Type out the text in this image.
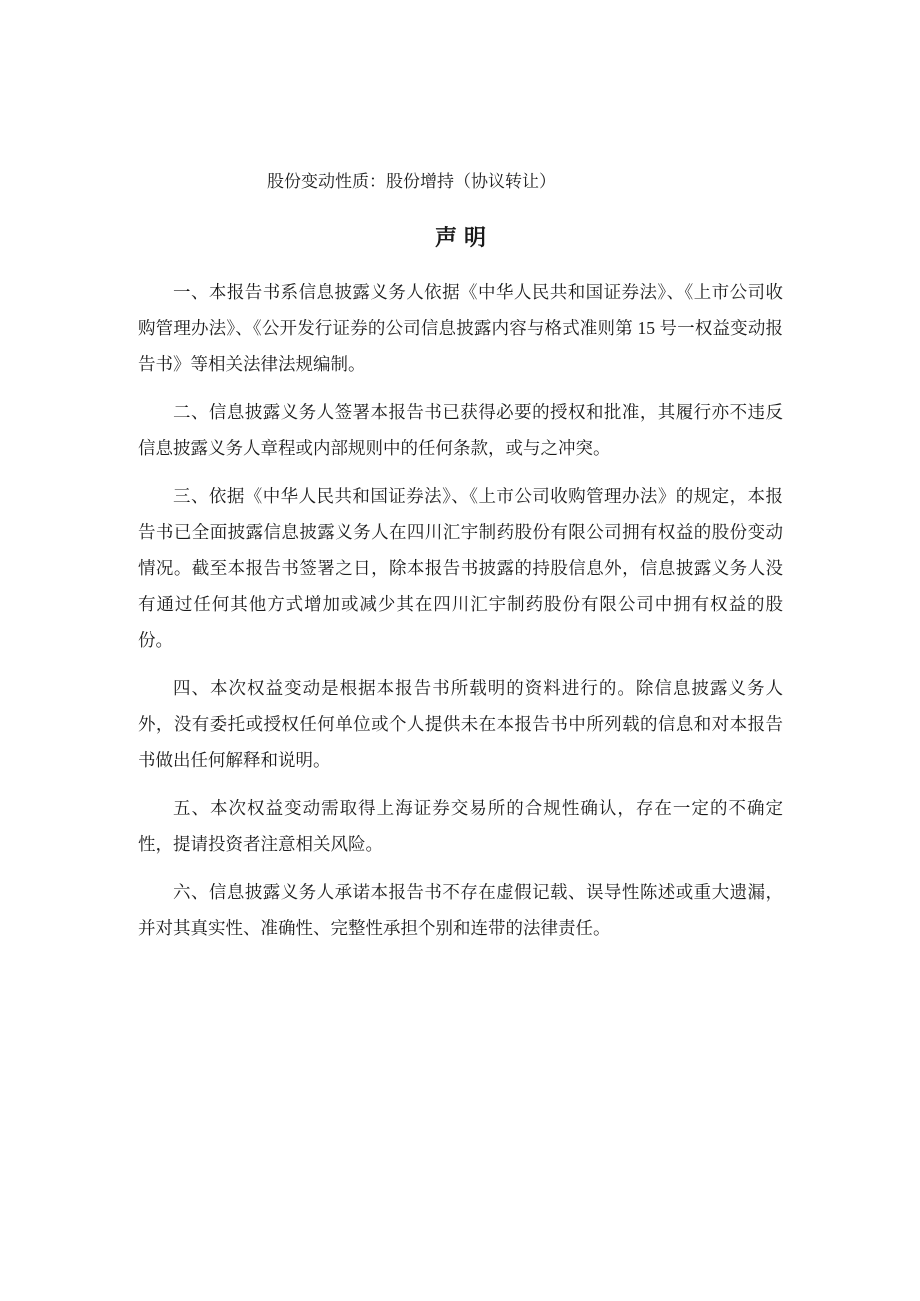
股份变动性质：股份增持（协议转让）

声明

一、本报告书系信息披露义务人依据《中华人民共和国证券法》、《上市公司收购管理办法》、《公开发行证券的公司信息披露内容与格式准则第 15 号一权益变动报告书》等相关法律法规编制。

二、信息披露义务人签署本报告书已获得必要的授权和批准，其履行亦不违反信息披露义务人章程或内部规则中的任何条款，或与之冲突。

三、依据《中华人民共和国证券法》、《上市公司收购管理办法》的规定，本报告书已全面披露信息披露义务人在四川汇宇制药股份有限公司拥有权益的股份变动情况。截至本报告书签署之日，除本报告书披露的持股信息外，信息披露义务人没有通过任何其他方式增加或减少其在四川汇宇制药股份有限公司中拥有权益的股份。

四、本次权益变动是根据本报告书所载明的资料进行的。除信息披露义务人外，没有委托或授权任何单位或个人提供未在本报告书中所列载的信息和对本报告书做出任何解释和说明。

五、本次权益变动需取得上海证券交易所的合规性确认，存在一定的不确定性，提请投资者注意相关风险。

六、信息披露义务人承诺本报告书不存在虚假记载、误导性陈述或重大遗漏，并对其真实性、准确性、完整性承担个别和连带的法律责任。
